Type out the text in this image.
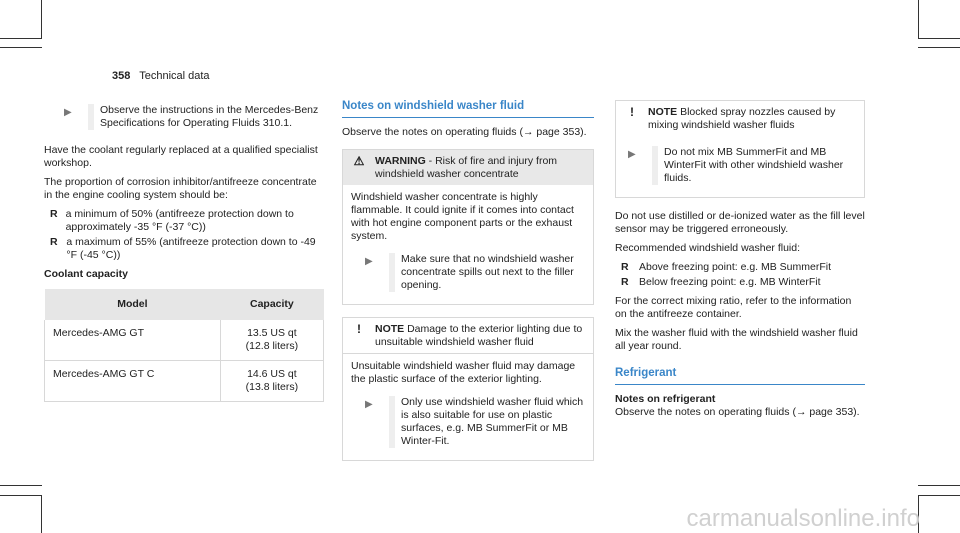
358 Technical data
▶	Observe the instructions in the Mercedes-Benz Specifications for Operating Fluids 310.1.

Have the coolant regularly replaced at a qualified specialist workshop.

The proportion of corrosion inhibitor/antifreeze concentrate in the engine cooling system should be:

R a minimum of 50% (antifreeze protection down to approximately -35 °F (-37 °C))
R a maximum of 55% (antifreeze protection down to -49 °F (-45 °C))

Coolant capacity

Model	Capacity
Mercedes-AMG GT	13.5 US qt
(12.8 liters)
Mercedes-AMG GT C	14.6 US qt
(13.8 liters)
Notes on windshield washer fluid

Observe the notes on operating fluids (→ page 353).

⚠ WARNING - Risk of fire and injury from windshield washer concentrate

Windshield washer concentrate is highly flammable. It could ignite if it comes into contact with hot engine component parts or the exhaust system.

▶	Make sure that no windshield washer concentrate spills out next to the filler opening.
!	NOTE Damage to the exterior lighting due to unsuitable windshield washer fluid

Unsuitable windshield washer fluid may damage the plastic surface of the exterior lighting.

▶	Only use windshield washer fluid which is also suitable for use on plastic surfaces, e.g. MB SummerFit or MB Winter-Fit.
!	NOTE Blocked spray nozzles caused by mixing windshield washer fluids
▶	Do not mix MB SummerFit and MB WinterFit with other windshield washer fluids.

Do not use distilled or de-ionized water as the fill level sensor may be triggered erroneously.

Recommended windshield washer fluid:

R Above freezing point: e.g. MB SummerFit
R Below freezing point: e.g. MB WinterFit

For the correct mixing ratio, refer to the information on the antifreeze container.

Mix the washer fluid with the windshield washer fluid all year round.

Refrigerant

Notes on refrigerant

Observe the notes on operating fluids (→ page 353).

carmanualsonline.info
